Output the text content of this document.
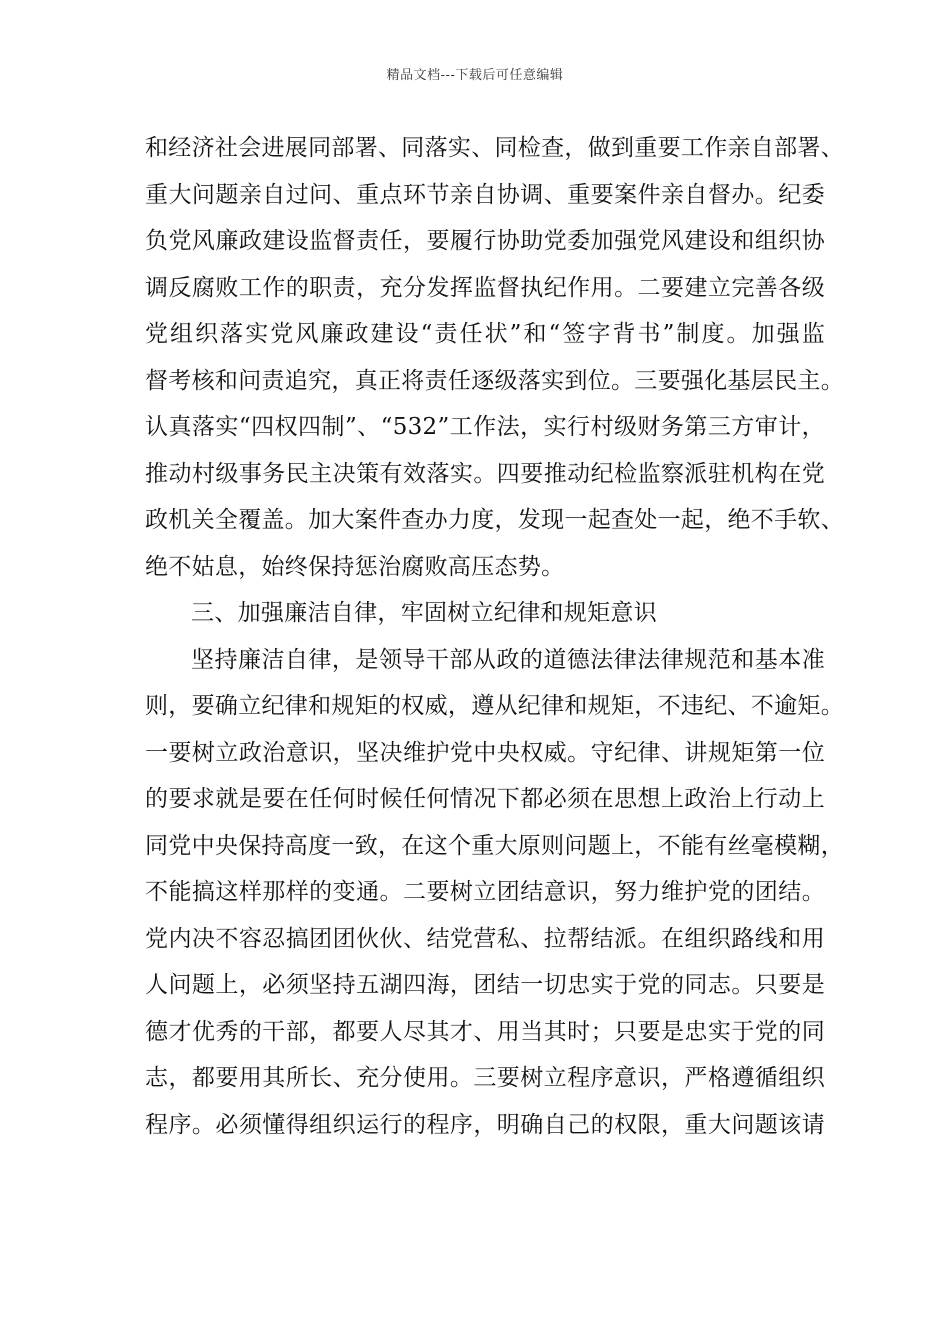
精品文档---下载后可任意编辑
和经济社会进展同部署、同落实、同检查，做到重要工作亲自部署、
重大问题亲自过问、重点环节亲自协调、重要案件亲自督办。纪委
负党风廉政建设监督责任，要履行协助党委加强党风建设和组织协
调反腐败工作的职责，充分发挥监督执纪作用。二要建立完善各级
党组织落实党风廉政建设“责任状”和“签字背书”制度。加强监
督考核和问责追究，真正将责任逐级落实到位。三要强化基层民主。
认真落实“四权四制”、“532”工作法，实行村级财务第三方审计，
推动村级事务民主决策有效落实。四要推动纪检监察派驻机构在党
政机关全覆盖。加大案件查办力度，发现一起查处一起，绝不手软、
绝不姑息，始终保持惩治腐败高压态势。
三、加强廉洁自律，牢固树立纪律和规矩意识
坚持廉洁自律，是领导干部从政的道德法律法律规范和基本准
则，要确立纪律和规矩的权威，遵从纪律和规矩，不违纪、不逾矩。
一要树立政治意识，坚决维护党中央权威。守纪律、讲规矩第一位
的要求就是要在任何时候任何情况下都必须在思想上政治上行动上
同党中央保持高度一致，在这个重大原则问题上，不能有丝毫模糊，
不能搞这样那样的变通。二要树立团结意识，努力维护党的团结。
党内决不容忍搞团团伙伙、结党营私、拉帮结派。在组织路线和用
人问题上，必须坚持五湖四海，团结一切忠实于党的同志。只要是
德才优秀的干部，都要人尽其才、用当其时；只要是忠实于党的同
志，都要用其所长、充分使用。三要树立程序意识，严格遵循组织
程序。必须懂得组织运行的程序，明确自己的权限，重大问题该请
